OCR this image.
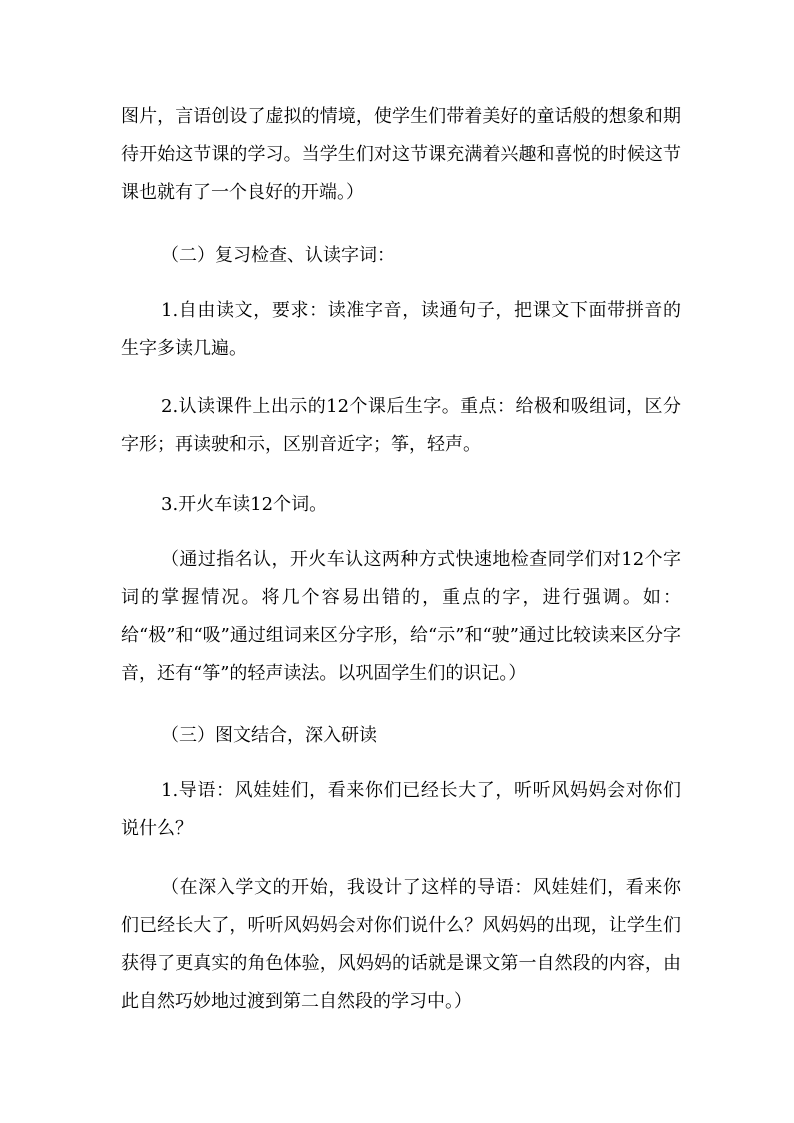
图片，言语创设了虚拟的情境，使学生们带着美好的童话般的想象和期待开始这节课的学习。当学生们对这节课充满着兴趣和喜悦的时候这节课也就有了一个良好的开端。）

（二）复习检查、认读字词：

1.自由读文，要求：读准字音，读通句子，把课文下面带拼音的生字多读几遍。

2.认读课件上出示的12个课后生字。重点：给极和吸组词，区分字形；再读驶和示，区别音近字；筝，轻声。

3.开火车读12个词。

（通过指名认，开火车认这两种方式快速地检查同学们对12个字词的掌握情况。将几个容易出错的，重点的字，进行强调。如：给“极”和“吸”通过组词来区分字形，给“示”和“驶”通过比较读来区分字音，还有“筝”的轻声读法。以巩固学生们的识记。）

（三）图文结合，深入研读

1.导语：风娃娃们，看来你们已经长大了，听听风妈妈会对你们说什么？

（在深入学文的开始，我设计了这样的导语：风娃娃们，看来你们已经长大了，听听风妈妈会对你们说什么？风妈妈的出现，让学生们获得了更真实的角色体验，风妈妈的话就是课文第一自然段的内容，由此自然巧妙地过渡到第二自然段的学习中。）
